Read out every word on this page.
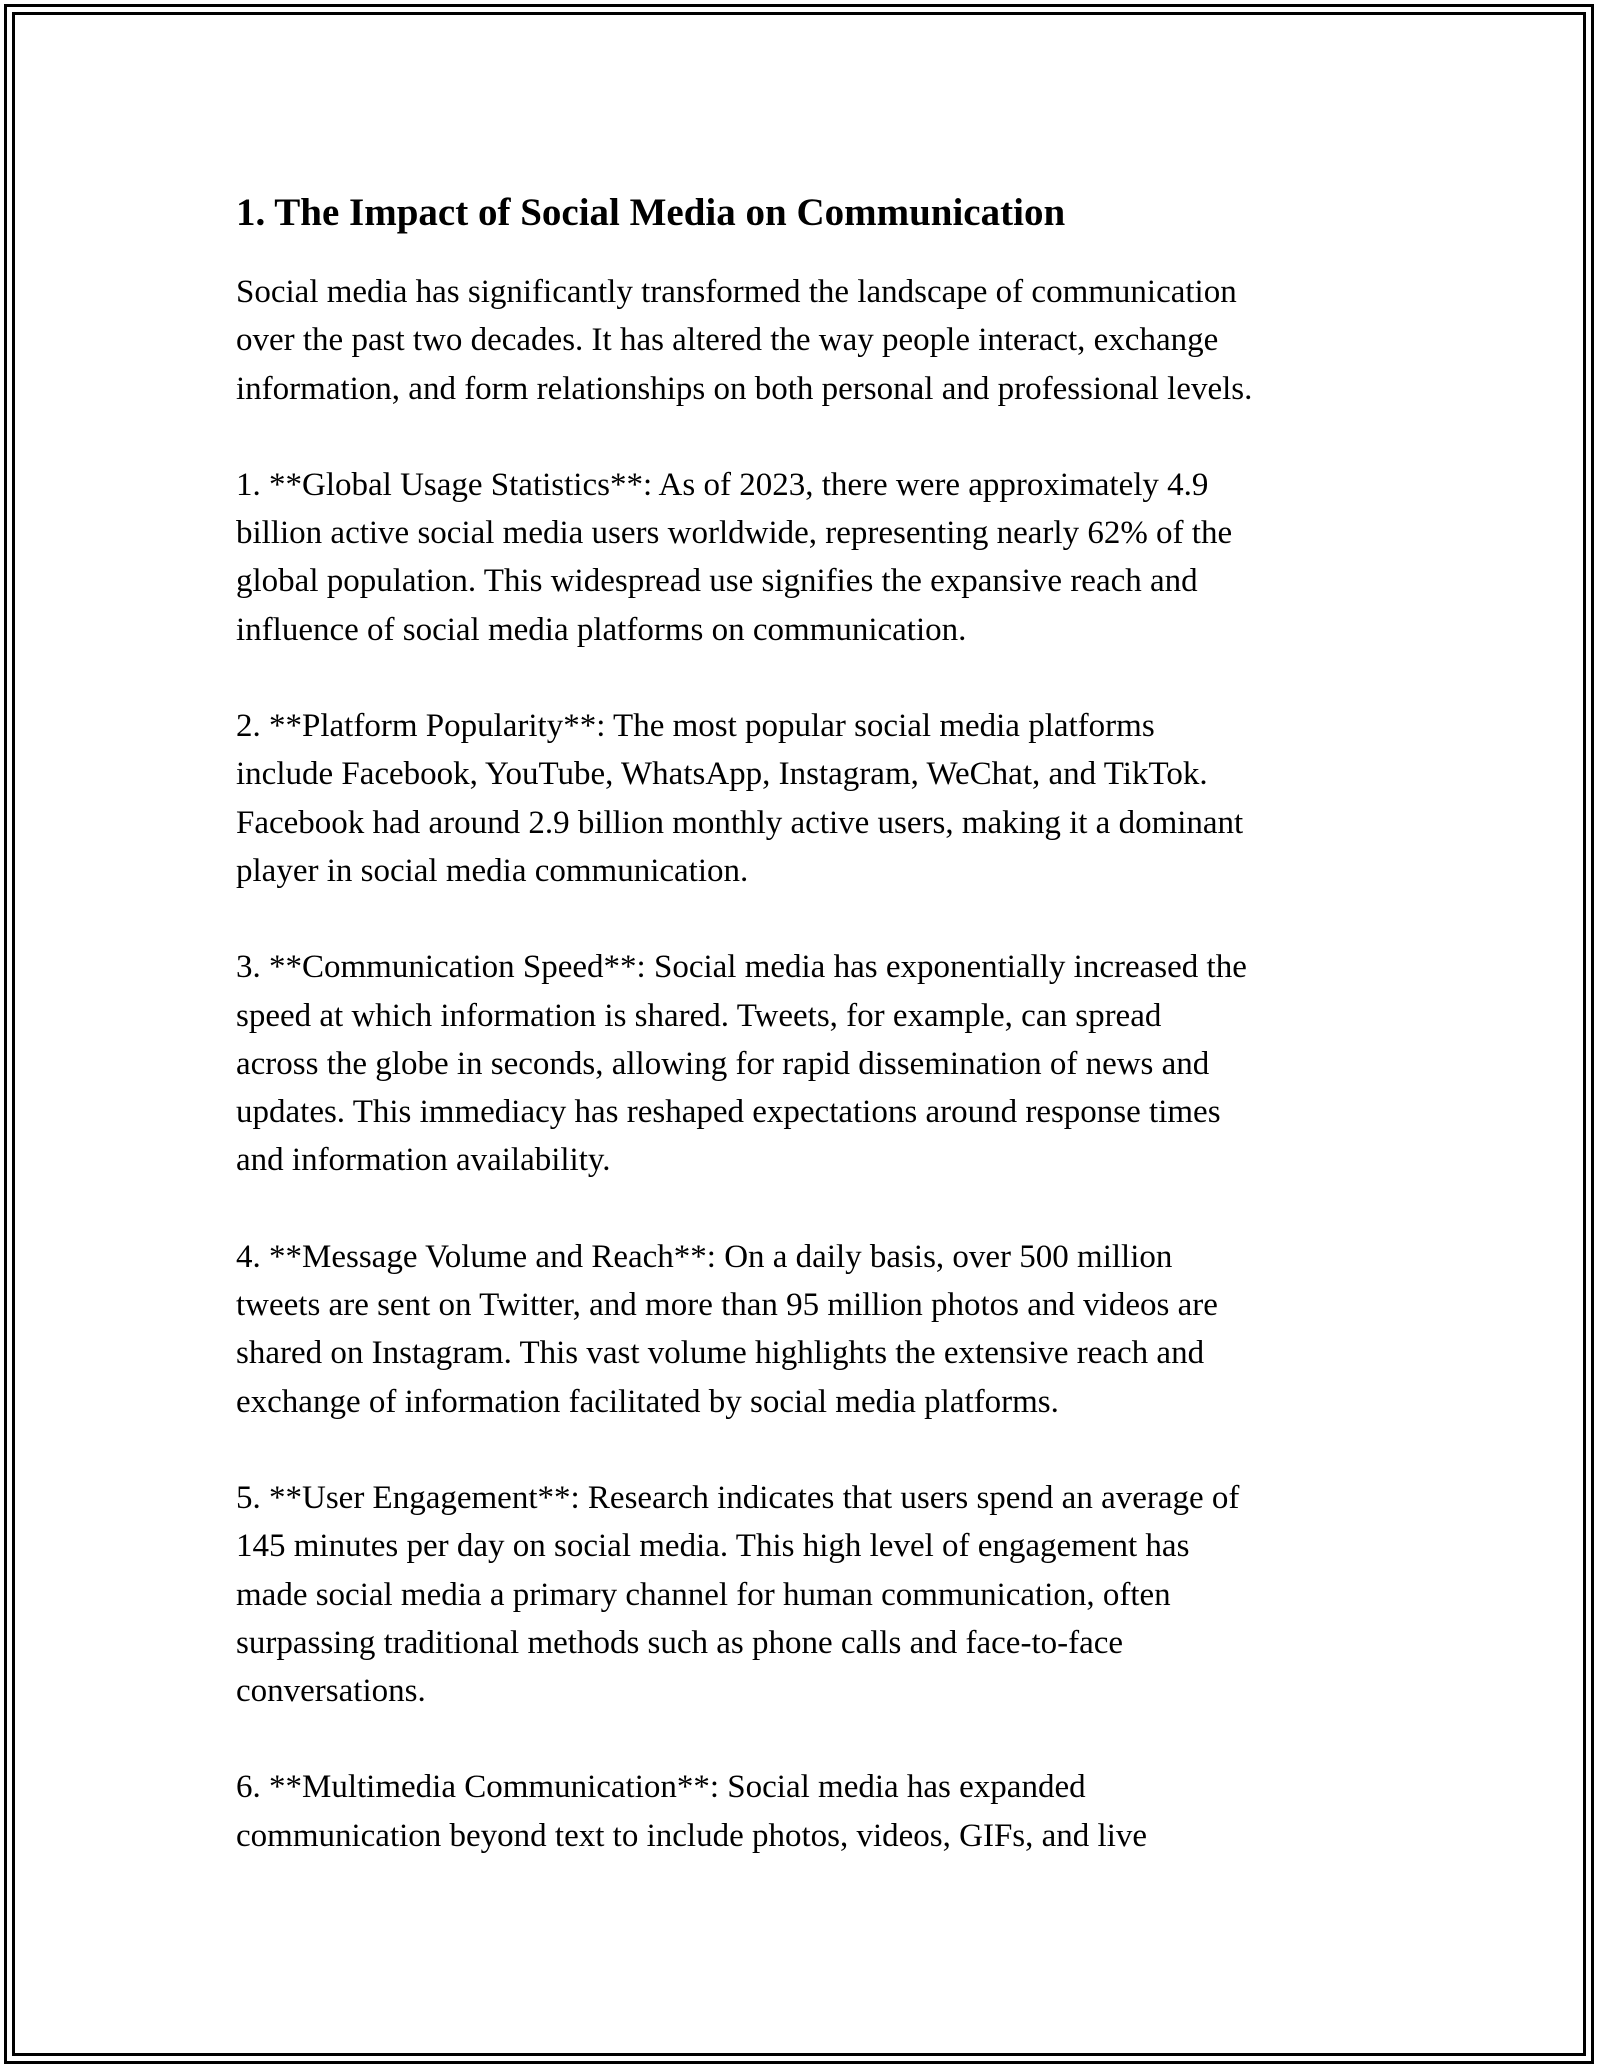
1. The Impact of Social Media on Communication

Social media has significantly transformed the landscape of communication
over the past two decades. It has altered the way people interact, exchange
information, and form relationships on both personal and professional levels.

1. **Global Usage Statistics**: As of 2023, there were approximately 4.9
billion active social media users worldwide, representing nearly 62% of the
global population. This widespread use signifies the expansive reach and
influence of social media platforms on communication.

2. **Platform Popularity**: The most popular social media platforms
include Facebook, YouTube, WhatsApp, Instagram, WeChat, and TikTok.
Facebook had around 2.9 billion monthly active users, making it a dominant
player in social media communication.

3. **Communication Speed**: Social media has exponentially increased the
speed at which information is shared. Tweets, for example, can spread
across the globe in seconds, allowing for rapid dissemination of news and
updates. This immediacy has reshaped expectations around response times
and information availability.

4. **Message Volume and Reach**: On a daily basis, over 500 million
tweets are sent on Twitter, and more than 95 million photos and videos are
shared on Instagram. This vast volume highlights the extensive reach and
exchange of information facilitated by social media platforms.

5. **User Engagement**: Research indicates that users spend an average of
145 minutes per day on social media. This high level of engagement has
made social media a primary channel for human communication, often
surpassing traditional methods such as phone calls and face-to-face
conversations.

6. **Multimedia Communication**: Social media has expanded
communication beyond text to include photos, videos, GIFs, and live
